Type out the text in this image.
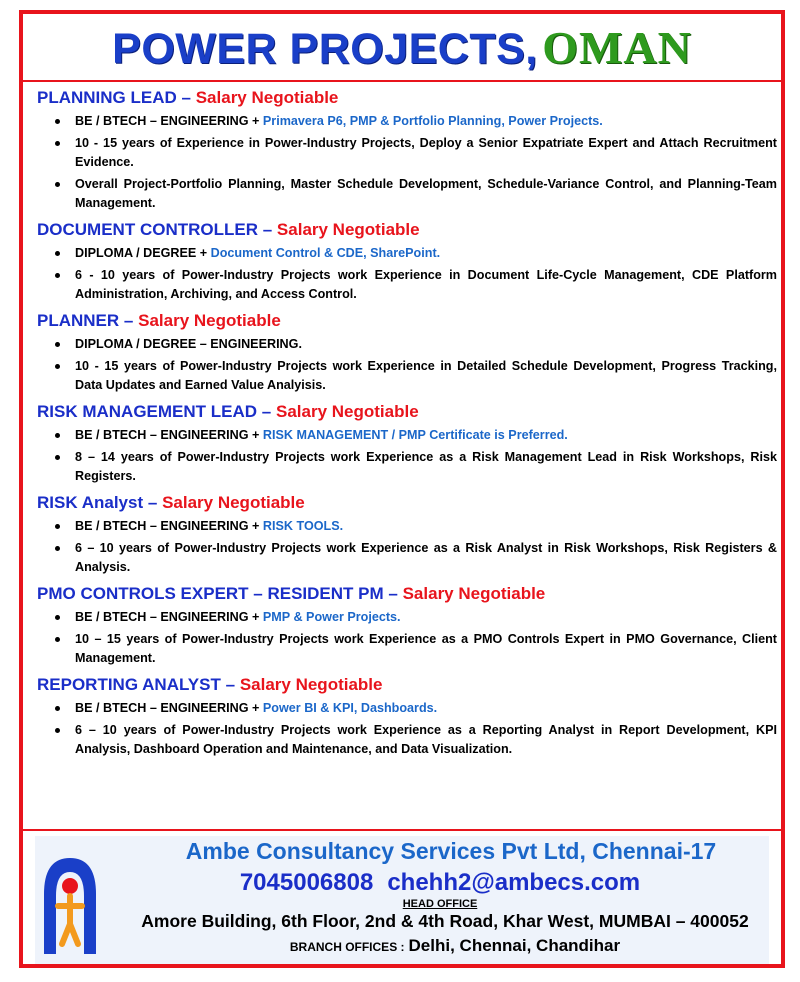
POWER PROJECTS, OMAN
PLANNING LEAD – Salary Negotiable
BE / BTECH – ENGINEERING + Primavera P6, PMP & Portfolio Planning, Power Projects.
10 - 15 years of Experience in Power-Industry Projects, Deploy a Senior Expatriate Expert and Attach Recruitment Evidence.
Overall Project-Portfolio Planning, Master Schedule Development, Schedule-Variance Control, and Planning-Team Management.
DOCUMENT CONTROLLER – Salary Negotiable
DIPLOMA / DEGREE + Document Control & CDE, SharePoint.
6 - 10 years of Power-Industry Projects work Experience in Document Life-Cycle Management, CDE Platform Administration, Archiving, and Access Control.
PLANNER – Salary Negotiable
DIPLOMA / DEGREE – ENGINEERING.
10 - 15 years of Power-Industry Projects work Experience in Detailed Schedule Development, Progress Tracking, Data Updates and Earned Value Analyisis.
RISK MANAGEMENT LEAD – Salary Negotiable
BE / BTECH – ENGINEERING + RISK MANAGEMENT / PMP Certificate is Preferred.
8 – 14 years of Power-Industry Projects work Experience as a Risk Management Lead in Risk Workshops, Risk Registers.
RISK Analyst – Salary Negotiable
BE / BTECH – ENGINEERING + RISK TOOLS.
6 – 10 years of Power-Industry Projects work Experience as a Risk Analyst in Risk Workshops, Risk Registers & Analysis.
PMO CONTROLS EXPERT – RESIDENT PM – Salary Negotiable
BE / BTECH – ENGINEERING + PMP & Power Projects.
10 – 15 years of Power-Industry Projects work Experience as a PMO Controls Expert in PMO Governance, Client Management.
REPORTING ANALYST – Salary Negotiable
BE / BTECH – ENGINEERING + Power BI & KPI, Dashboards.
6 – 10 years of Power-Industry Projects work Experience as a Reporting Analyst in Report Development, KPI Analysis, Dashboard Operation and Maintenance, and Data Visualization.
Ambe Consultancy Services Pvt Ltd, Chennai-17
7045006808 chehh2@ambecs.com
HEAD OFFICE
Amore Building, 6th Floor, 2nd & 4th Road, Khar West, MUMBAI – 400052
BRANCH OFFICES : Delhi, Chennai, Chandihar
